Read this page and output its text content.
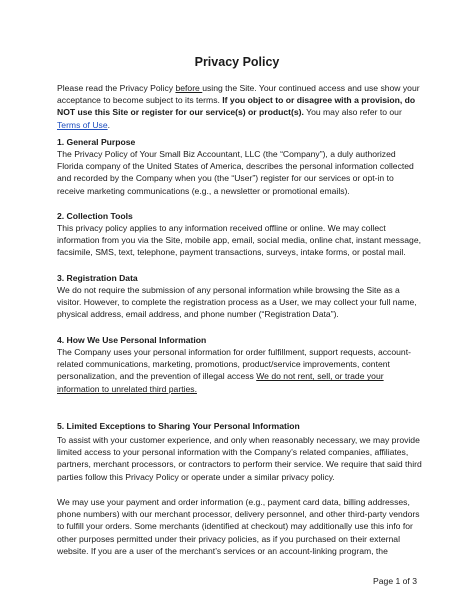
Privacy Policy
Please read the Privacy Policy before using the Site. Your continued access and use show your
acceptance to become subject to its terms. If you object to or disagree with a provision, do
NOT use this Site or register for our service(s) or product(s). You may also refer to our
Terms of Use.
1. General Purpose
The Privacy Policy of Your Small Biz Accountant, LLC (the “Company”), a duly authorized
Florida company of the United States of America, describes the personal information collected
and recorded by the Company when you (the “User”) register for our services or opt-in to
receive marketing communications (e.g., a newsletter or promotional emails).
2. Collection Tools
This privacy policy applies to any information received offline or online. We may collect
information from you via the Site, mobile app, email, social media, online chat, instant message,
facsimile, SMS, text, telephone, payment transactions, surveys, intake forms, or postal mail.
3. Registration Data
We do not require the submission of any personal information while browsing the Site as a
visitor. However, to complete the registration process as a User, we may collect your full name,
physical address, email address, and phone number (“Registration Data”).
4. How We Use Personal Information
The Company uses your personal information for order fulfillment, support requests, account-
related communications, marketing, promotions, product/service improvements, content
personalization, and the prevention of illegal access We do not rent, sell, or trade your
information to unrelated third parties.
5. Limited Exceptions to Sharing Your Personal Information
To assist with your customer experience, and only when reasonably necessary, we may provide
limited access to your personal information with the Company’s related companies, affiliates,
partners, merchant processors, or contractors to perform their service. We require that said third
parties follow this Privacy Policy or operate under a similar privacy policy.
We may use your payment and order information (e.g., payment card data, billing addresses,
phone numbers) with our merchant processor, delivery personnel, and other third-party vendors
to fulfill your orders. Some merchants (identified at checkout) may additionally use this info for
other purposes permitted under their privacy policies, as if you purchased on their external
website. If you are a user of the merchant’s services or an account-linking program, the
Page 1 of 3
